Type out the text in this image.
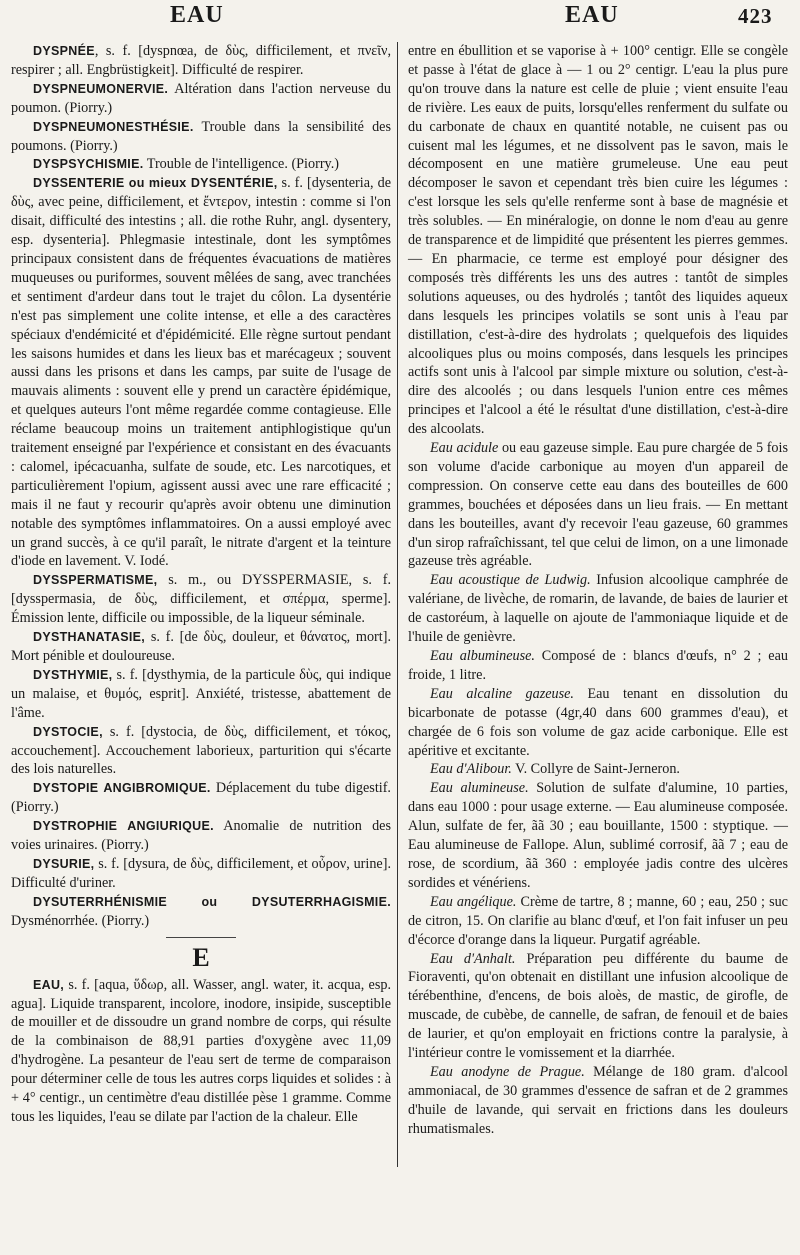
EAU	EAU	423

DYSPNÉE, s. f. [dyspnœa, de δὺς, difficilement, et πνεῖν, respirer ; all. Engbrüstigkeit]. Difficulté de respirer.

DYSPNEUMONERVIE. Altération dans l'action nerveuse du poumon. (Piorry.)

DYSPNEUMONESTHÉSIE. Trouble dans la sensibilité des poumons. (Piorry.)

DYSPSYCHISMIE. Trouble de l'intelligence. (Piorry.)

DYSSENTERIE ou mieux DYSENTÉRIE, s. f. [dysenteria, de δὺς, avec peine, difficilement, et ἔντερον, intestin : comme si l'on disait, difficulté des intestins ; all. die rothe Ruhr, angl. dysentery, esp. dysenteria]. Phlegmasie intestinale, dont les symptômes principaux consistent dans de fréquentes évacuations de matières muqueuses ou puriformes, souvent mêlées de sang, avec tranchées et sentiment d'ardeur dans tout le trajet du côlon. La dysentérie n'est pas simplement une colite intense, et elle a des caractères spéciaux d'endémicité et d'épidémicité. Elle règne surtout pendant les saisons humides et dans les lieux bas et marécageux ; souvent aussi dans les prisons et dans les camps, par suite de l'usage de mauvais aliments : souvent elle y prend un caractère épidémique, et quelques auteurs l'ont même regardée comme contagieuse. Elle réclame beaucoup moins un traitement antiphlogistique qu'un traitement enseigné par l'expérience et consistant en des évacuants : calomel, ipécacuanha, sulfate de soude, etc. Les narcotiques, et particulièrement l'opium, agissent aussi avec une rare efficacité ; mais il ne faut y recourir qu'après avoir obtenu une diminution notable des symptômes inflammatoires. On a aussi employé avec un grand succès, à ce qu'il paraît, le nitrate d'argent et la teinture d'iode en lavement. V. Iodé.

DYSSPERMATISME, s. m., ou DYSSPERMASIE, s. f. [dysspermasia, de δὺς, difficilement, et σπέρμα, sperme]. Émission lente, difficile ou impossible, de la liqueur séminale.

DYSTHANATASIE, s. f. [de δὺς, douleur, et θάνατος, mort]. Mort pénible et douloureuse.

DYSTHYMIE, s. f. [dysthymia, de la particule δὺς, qui indique un malaise, et θυμός, esprit]. Anxiété, tristesse, abattement de l'âme.

DYSTOCIE, s. f. [dystocia, de δὺς, difficilement, et τόκος, accouchement]. Accouchement laborieux, parturition qui s'écarte des lois naturelles.

DYSTOPIE ANGIBROMIQUE. Déplacement du tube digestif. (Piorry.)

DYSTROPHIE ANGIURIQUE. Anomalie de nutrition des voies urinaires. (Piorry.)

DYSURIE, s. f. [dysura, de δὺς, difficilement, et οὖρον, urine]. Difficulté d'uriner.

DYSUTERRHÉNISMIE ou DYSUTERRHAGISMIE. Dysménorrhée. (Piorry.)

E

EAU, s. f. [aqua, ὕδωρ, all. Wasser, angl. water, it. acqua, esp. agua]. Liquide transparent, incolore, inodore, insipide, susceptible de mouiller et de dissoudre un grand nombre de corps, qui résulte de la combinaison de 88,91 parties d'oxygène avec 11,09 d'hydrogène. La pesanteur de l'eau sert de terme de comparaison pour déterminer celle de tous les autres corps liquides et solides : à + 4° centigr., un centimètre d'eau distillée pèse 1 gramme. Comme tous les liquides, l'eau se dilate par l'action de la chaleur. Elle

entre en ébullition et se vaporise à + 100° centigr. Elle se congèle et passe à l'état de glace à — 1 ou 2° centigr. L'eau la plus pure qu'on trouve dans la nature est celle de pluie ; vient ensuite l'eau de rivière. Les eaux de puits, lorsqu'elles renferment du sulfate ou du carbonate de chaux en quantité notable, ne cuisent pas ou cuisent mal les légumes, et ne dissolvent pas le savon, mais le décomposent en une matière grumeleuse. Une eau peut décomposer le savon et cependant très bien cuire les légumes : c'est lorsque les sels qu'elle renferme sont à base de magnésie et très solubles. — En minéralogie, on donne le nom d'eau au genre de transparence et de limpidité que présentent les pierres gemmes. — En pharmacie, ce terme est employé pour désigner des composés très différents les uns des autres : tantôt de simples solutions aqueuses, ou des hydrolés ; tantôt des liquides aqueux dans lesquels les principes volatils se sont unis à l'eau par distillation, c'est-à-dire des hydrolats ; quelquefois des liquides alcooliques plus ou moins composés, dans lesquels les principes actifs sont unis à l'alcool par simple mixture ou solution, c'est-à-dire des alcoolés ; ou dans lesquels l'union entre ces mêmes principes et l'alcool a été le résultat d'une distillation, c'est-à-dire des alcoolats.

Eau acidule ou eau gazeuse simple. Eau pure chargée de 5 fois son volume d'acide carbonique au moyen d'un appareil de compression. On conserve cette eau dans des bouteilles de 600 grammes, bouchées et déposées dans un lieu frais. — En mettant dans les bouteilles, avant d'y recevoir l'eau gazeuse, 60 grammes d'un sirop rafraîchissant, tel que celui de limon, on a une limonade gazeuse très agréable.

Eau acoustique de Ludwig. Infusion alcoolique camphrée de valériane, de livèche, de romarin, de lavande, de baies de laurier et de castoréum, à laquelle on ajoute de l'ammoniaque liquide et de l'huile de genièvre.

Eau albumineuse. Composé de : blancs d'œufs, n° 2 ; eau froide, 1 litre.

Eau alcaline gazeuse. Eau tenant en dissolution du bicarbonate de potasse (4gr,40 dans 600 grammes d'eau), et chargée de 6 fois son volume de gaz acide carbonique. Elle est apéritive et excitante.

Eau d'Alibour. V. Collyre de Saint-Jerneron.

Eau alumineuse. Solution de sulfate d'alumine, 10 parties, dans eau 1000 : pour usage externe. — Eau alumineuse composée. Alun, sulfate de fer, ãã 30 ; eau bouillante, 1500 : styptique. — Eau alumineuse de Fallope. Alun, sublimé corrosif, ãã 7 ; eau de rose, de scordium, ãã 360 : employée jadis contre des ulcères sordides et vénériens.

Eau angélique. Crème de tartre, 8 ; manne, 60 ; eau, 250 ; suc de citron, 15. On clarifie au blanc d'œuf, et l'on fait infuser un peu d'écorce d'orange dans la liqueur. Purgatif agréable.

Eau d'Anhalt. Préparation peu différente du baume de Fioraventi, qu'on obtenait en distillant une infusion alcoolique de térébenthine, d'encens, de bois aloès, de mastic, de girofle, de muscade, de cubèbe, de cannelle, de safran, de fenouil et de baies de laurier, et qu'on employait en frictions contre la paralysie, à l'intérieur contre le vomissement et la diarrhée.

Eau anodyne de Prague. Mélange de 180 gram. d'alcool ammoniacal, de 30 grammes d'essence de safran et de 2 grammes d'huile de lavande, qui servait en frictions dans les douleurs rhumatismales.
